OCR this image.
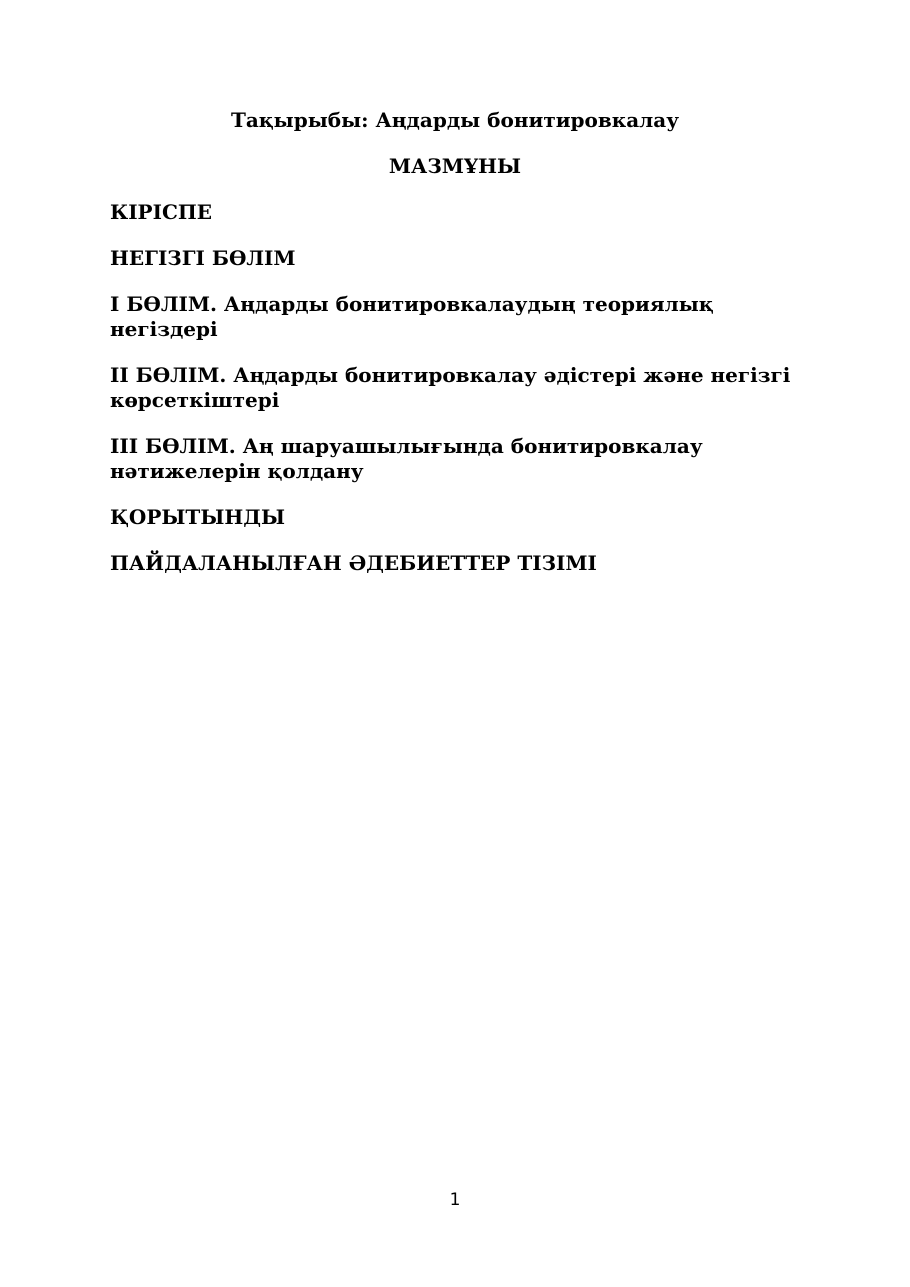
Тақырыбы: Аңдарды бонитировкалау

МАЗМҰНЫ

КІРІСПЕ
НЕГІЗГІ БӨЛІМ
І БӨЛІМ. Аңдарды бонитировкалаудың теориялық негіздері
ІІ БӨЛІМ. Аңдарды бонитировкалау әдістері және негізгі көрсеткіштері
ІІІ БӨЛІМ. Аң шаруашылығында бонитировкалау нәтижелерін қолдану
ҚОРЫТЫНДЫ
ПАЙДАЛАНЫЛҒАН ӘДЕБИЕТТЕР ТІЗІМІ
1
